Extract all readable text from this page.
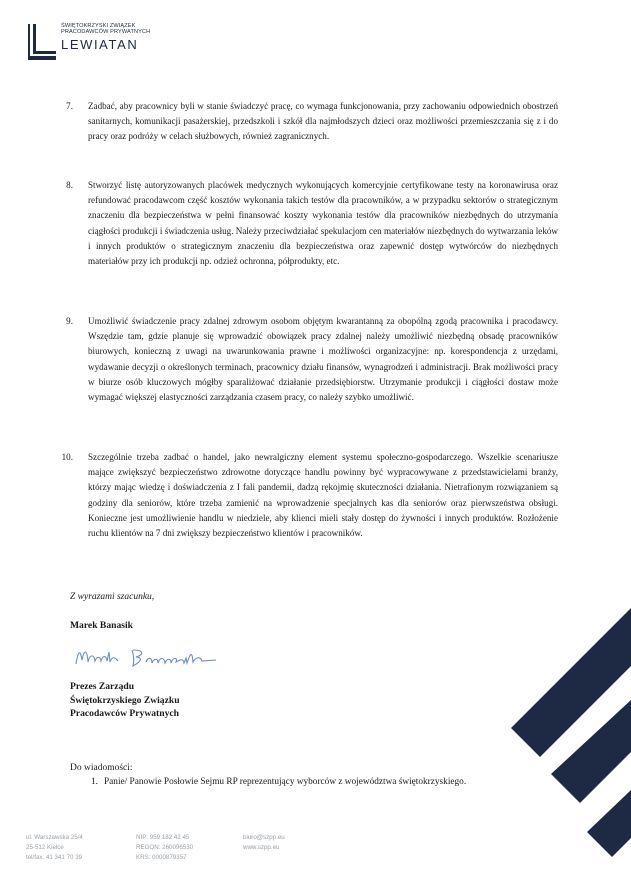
ŚWIĘTOKRZYSKI ZWIĄZEK
PRACODAWCÓW PRYWATNYCH
LEWIATAN
7. Zadbać, aby pracownicy byli w stanie świadczyć pracę, co wymaga funkcjonowania, przy zachowaniu odpowiednich obostrzeń sanitarnych, komunikacji pasażerskiej, przedszkoli i szkół dla najmłodszych dzieci oraz możliwości przemieszczania się z i do pracy oraz podróży w celach służbowych, również zagranicznych.
8. Stworzyć listę autoryzowanych placówek medycznych wykonujących komercyjnie certyfikowane testy na koronawirusa oraz refundować pracodawcom część kosztów wykonania takich testów dla pracowników, a w przypadku sektorów o strategicznym znaczeniu dla bezpieczeństwa w pełni finansować koszty wykonania testów dla pracowników niezbędnych do utrzymania ciągłości produkcji i świadczenia usług. Należy przeciwdziałać spekulacjom cen materiałów niezbędnych do wytwarzania leków i innych produktów o strategicznym znaczeniu dla bezpieczeństwa oraz zapewnić dostęp wytwórców do niezbędnych materiałów przy ich produkcji np. odzież ochronna, półprodukty, etc.
9. Umożliwić świadczenie pracy zdalnej zdrowym osobom objętym kwarantanną za obopólną zgodą pracownika i pracodawcy. Wszędzie tam, gdzie planuje się wprowadzić obowiązek pracy zdalnej należy umożliwić niezbędną obsadę pracowników biurowych, konieczną z uwagi na uwarunkowania prawne i możliwości organizacyjne: np. korespondencja z urzędami, wydawanie decyzji o określonych terminach, pracownicy działu finansów, wynagrodzeń i administracji. Brak możliwości pracy w biurze osób kluczowych mógłby sparaliżować działanie przedsiębiorstw. Utrzymanie produkcji i ciągłości dostaw może wymagać większej elastyczności zarządzania czasem pracy, co należy szybko umożliwić.
10. Szczególnie trzeba zadbać o handel, jako newralgiczny element systemu społeczno-gospodarczego. Wszelkie scenariusze mające zwiększyć bezpieczeństwo zdrowotne dotyczące handlu powinny być wypracowywane z przedstawicielami branży, którzy mając wiedzę i doświadczenia z I fali pandemii, dadzą rękojmię skuteczności działania. Nietrafionym rozwiązaniem są godziny dla seniorów, które trzeba zamienić na wprowadzenie specjalnych kas dla seniorów oraz pierwszeństwa obsługi. Konieczne jest umożliwienie handlu w niedziele, aby klienci mieli stały dostęp do żywności i innych produktów. Rozłożenie ruchu klientów na 7 dni zwiększy bezpieczeństwo klientów i pracowników.
Z wyrazami szacunku,
Marek Banasik
Prezes Zarządu
Świętokrzyskiego Związku
Pracodawców Prywatnych
Do wiadomości:
1. Panie/ Panowie Posłowie Sejmu RP reprezentujący wyborców z województwa świętokrzyskiego.
ul. Warszawska 25/4
25-512 Kielce
tel/fax. 41 341 70 39
NIP: 959 182 42 45
REGON: 260096530
KRS: 0000879357
biuro@szpp.eu
www.szpp.eu
